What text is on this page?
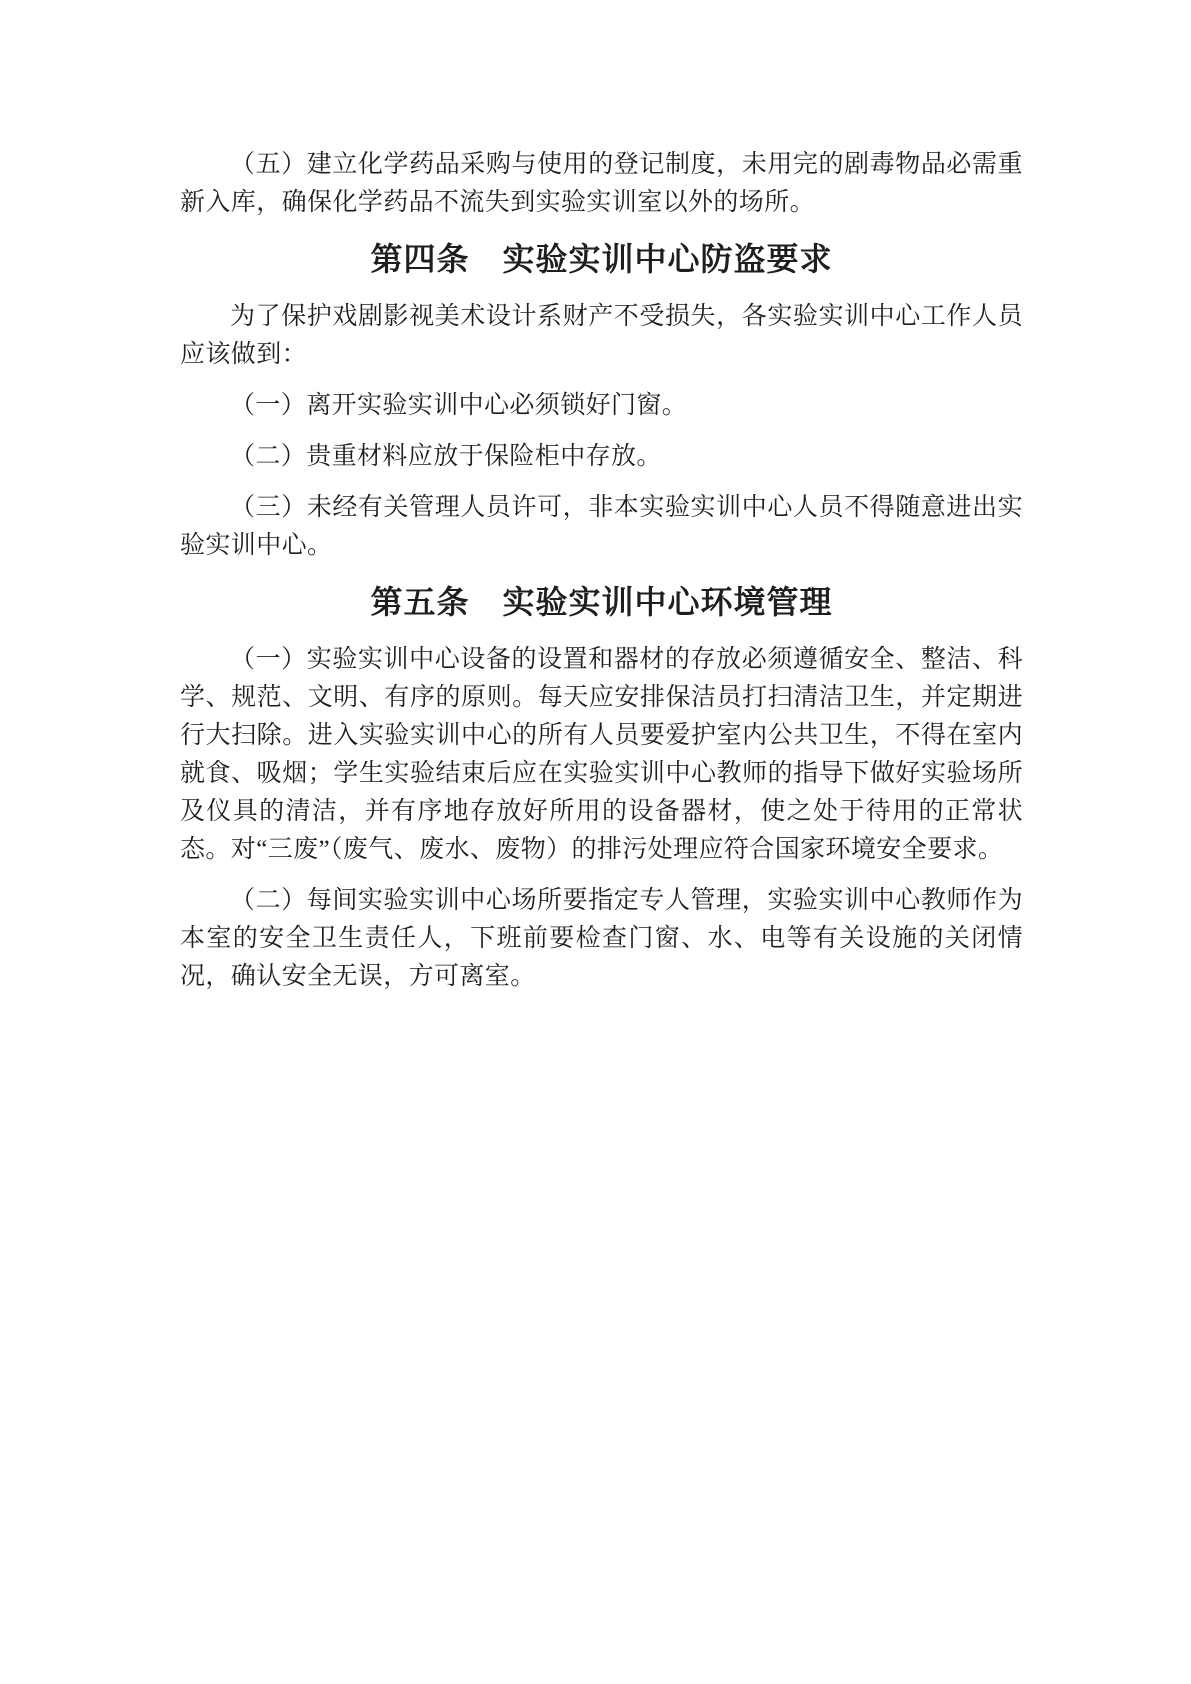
（五）建立化学药品采购与使用的登记制度，未用完的剧毒物品必需重新入库，确保化学药品不流失到实验实训室以外的场所。

第四条　实验实训中心防盗要求

为了保护戏剧影视美术设计系财产不受损失，各实验实训中心工作人员应该做到：

（一）离开实验实训中心必须锁好门窗。

（二）贵重材料应放于保险柜中存放。

（三）未经有关管理人员许可，非本实验实训中心人员不得随意进出实验实训中心。

第五条　实验实训中心环境管理

（一）实验实训中心设备的设置和器材的存放必须遵循安全、整洁、科学、规范、文明、有序的原则。每天应安排保洁员打扫清洁卫生，并定期进行大扫除。进入实验实训中心的所有人员要爱护室内公共卫生，不得在室内就食、吸烟；学生实验结束后应在实验实训中心教师的指导下做好实验场所及仪具的清洁，并有序地存放好所用的设备器材，使之处于待用的正常状态。对“三废”（废气、废水、废物）的排污处理应符合国家环境安全要求。

（二）每间实验实训中心场所要指定专人管理，实验实训中心教师作为本室的安全卫生责任人，下班前要检查门窗、水、电等有关设施的关闭情况，确认安全无误，方可离室。
